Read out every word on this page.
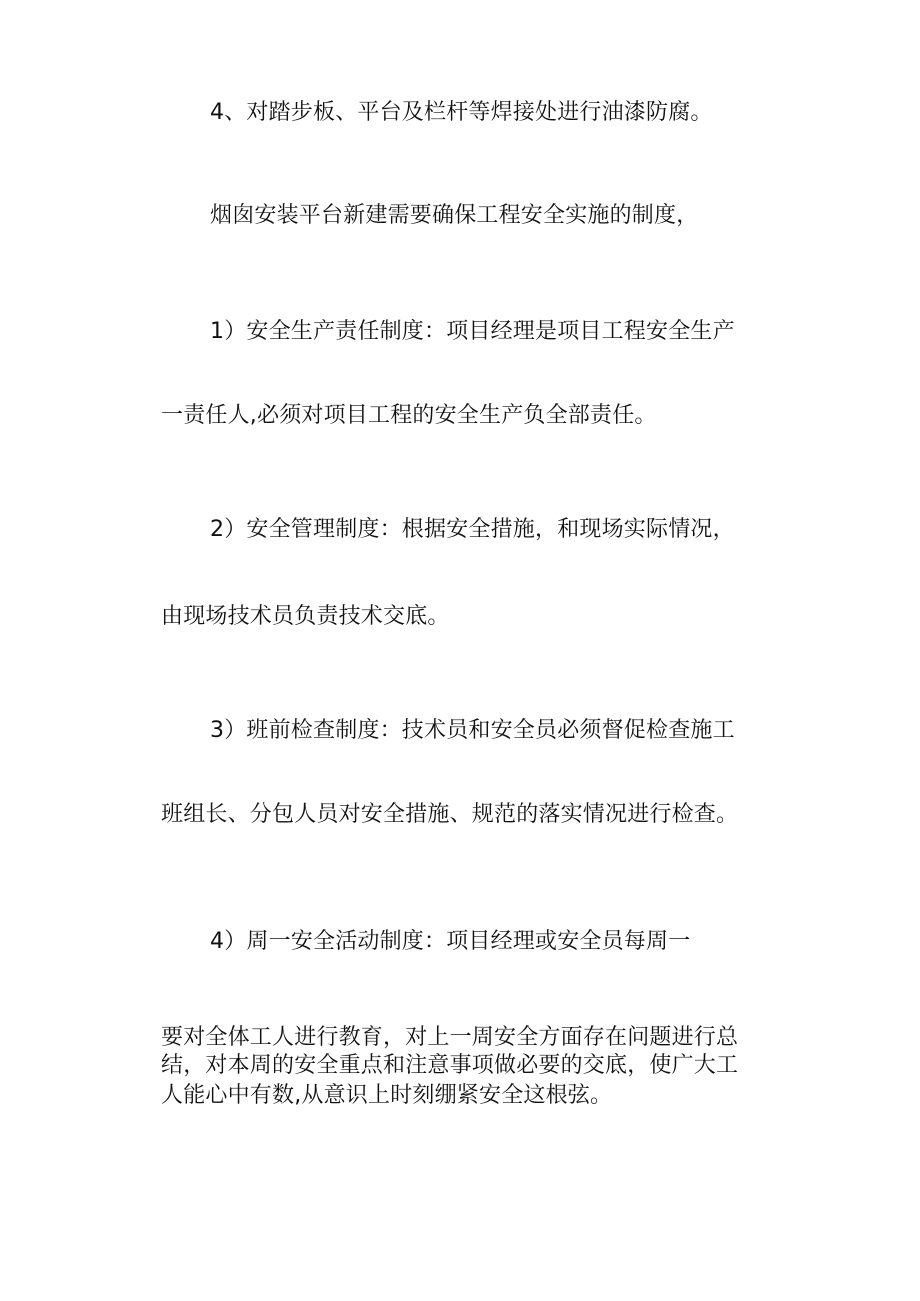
4、对踏步板、平台及栏杆等焊接处进行油漆防腐。

烟囱安装平台新建需要确保工程安全实施的制度，

1）安全生产责任制度：项目经理是项目工程安全生产

一责任人,必须对项目工程的安全生产负全部责任。

2）安全管理制度：根据安全措施，和现场实际情况，

由现场技术员负责技术交底。

3）班前检查制度：技术员和安全员必须督促检查施工

班组长、分包人员对安全措施、规范的落实情况进行检查。

4）周一安全活动制度：项目经理或安全员每周一

要对全体工人进行教育，对上一周安全方面存在问题进行总

结，对本周的安全重点和注意事项做必要的交底，使广大工

人能心中有数,从意识上时刻绷紧安全这根弦。
